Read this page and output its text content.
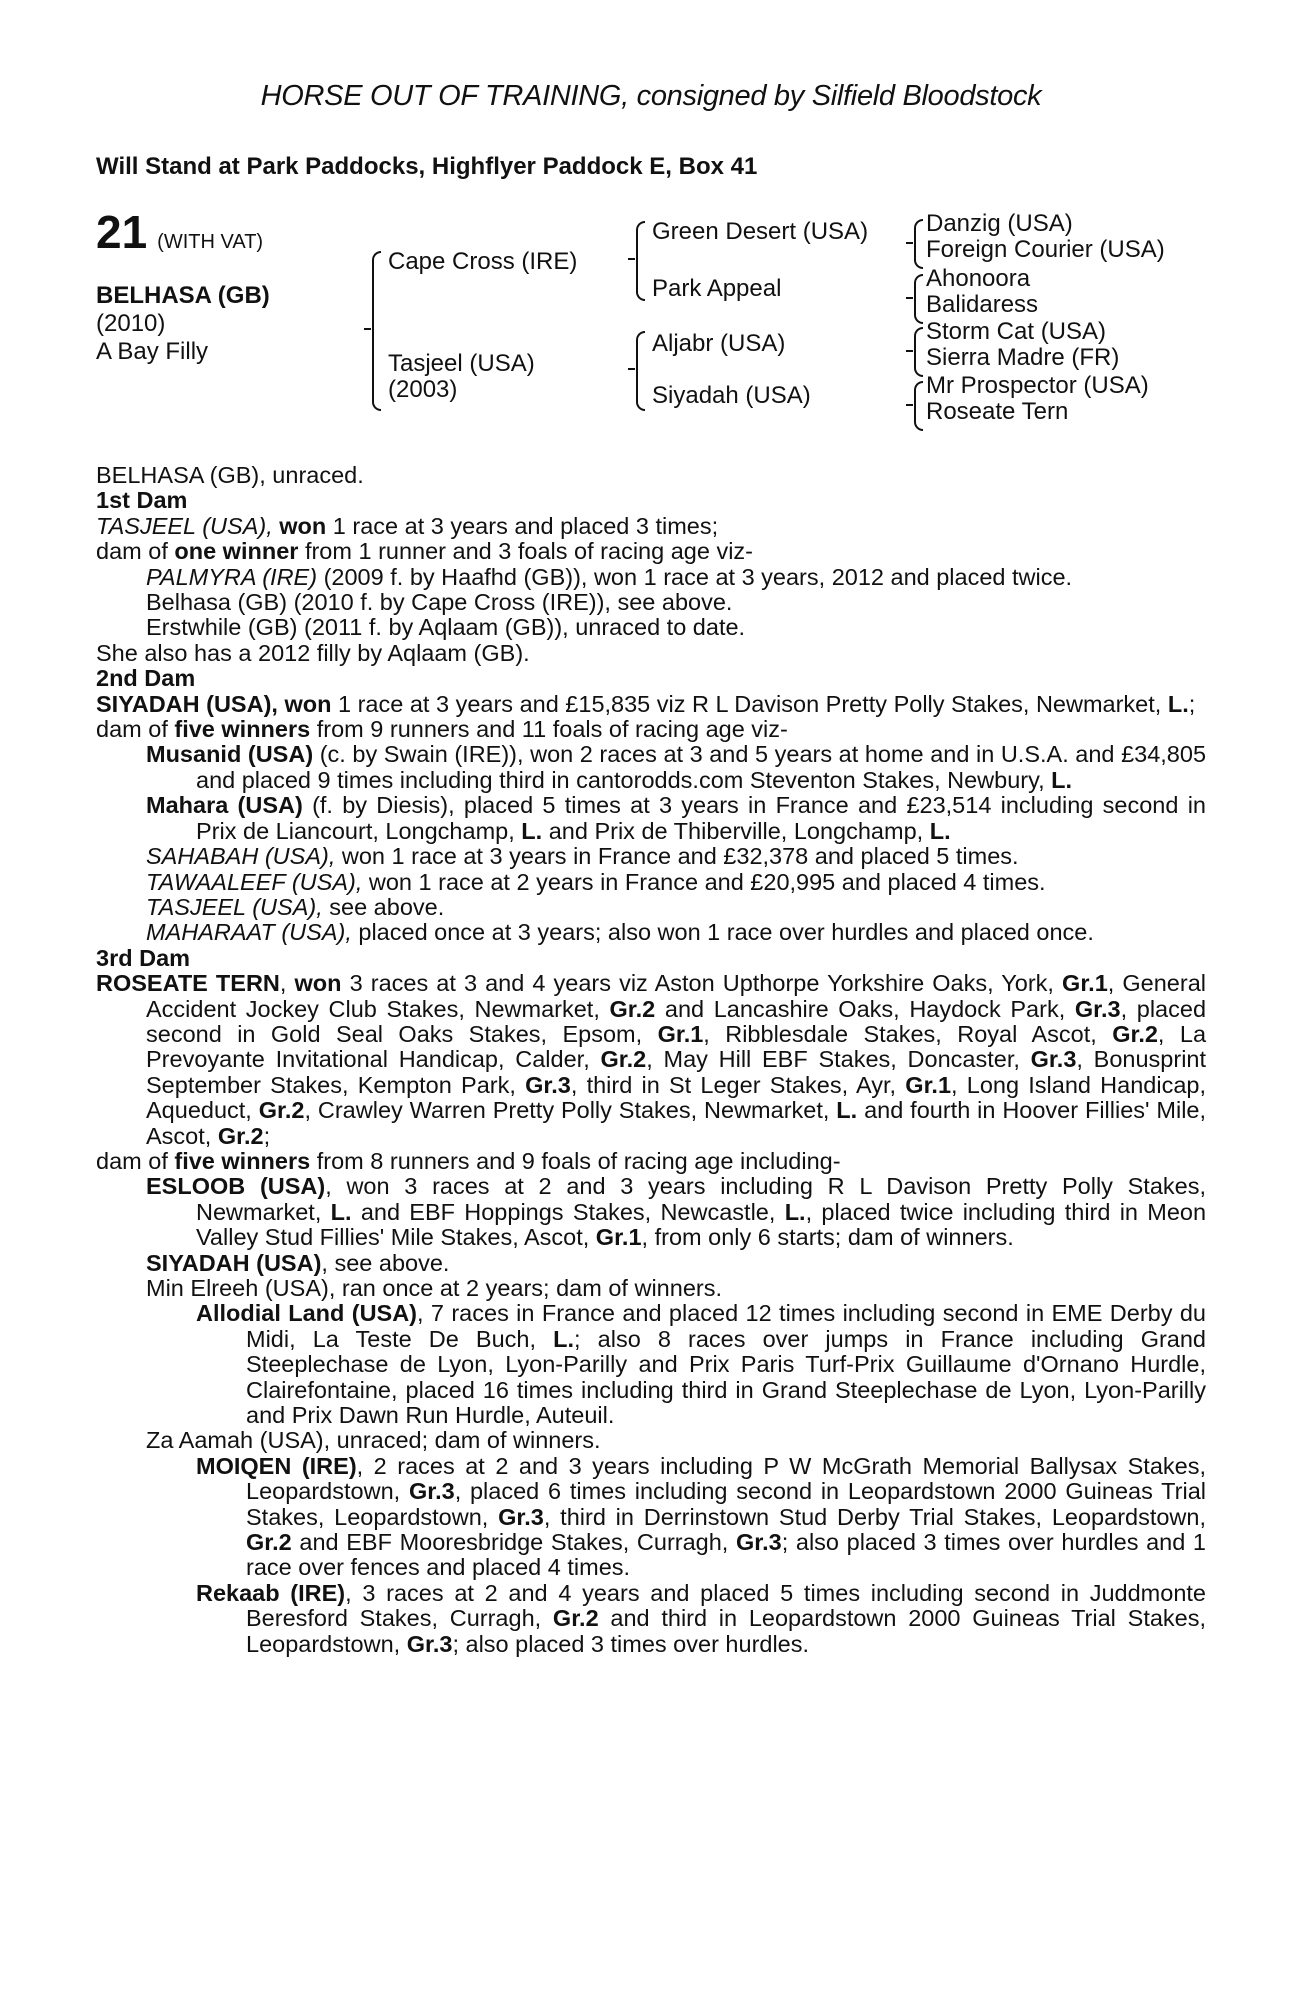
HORSE OUT OF TRAINING, consigned by Silfield Bloodstock

Will Stand at Park Paddocks, Highflyer Paddock E, Box 41

21 (WITH VAT)
BELHASA (GB)
(2010)
A Bay Filly
Cape Cross (IRE)
Tasjeel (USA)
(2003)
Green Desert (USA)
Park Appeal
Aljabr (USA)
Siyadah (USA)
Danzig (USA)
Foreign Courier (USA)
Ahonoora
Balidaress
Storm Cat (USA)
Sierra Madre (FR)
Mr Prospector (USA)
Roseate Tern

BELHASA (GB), unraced.

1st Dam

TASJEEL (USA), won 1 race at 3 years and placed 3 times;

dam of one winner from 1 runner and 3 foals of racing age viz-

PALMYRA (IRE) (2009 f. by Haafhd (GB)), won 1 race at 3 years, 2012 and placed twice.

Belhasa (GB) (2010 f. by Cape Cross (IRE)), see above.

Erstwhile (GB) (2011 f. by Aqlaam (GB)), unraced to date.

She also has a 2012 filly by Aqlaam (GB).

2nd Dam

SIYADAH (USA), won 1 race at 3 years and £15,835 viz R L Davison Pretty Polly Stakes, Newmarket, L.;

dam of five winners from 9 runners and 11 foals of racing age viz-

Musanid (USA) (c. by Swain (IRE)), won 2 races at 3 and 5 years at home and in U.S.A. and £34,805 and placed 9 times including third in cantorodds.com Steventon Stakes, Newbury, L.

Mahara (USA) (f. by Diesis), placed 5 times at 3 years in France and £23,514 including second in Prix de Liancourt, Longchamp, L. and Prix de Thiberville, Longchamp, L.

SAHABAH (USA), won 1 race at 3 years in France and £32,378 and placed 5 times.

TAWAALEEF (USA), won 1 race at 2 years in France and £20,995 and placed 4 times.

TASJEEL (USA), see above.

MAHARAAT (USA), placed once at 3 years; also won 1 race over hurdles and placed once.

3rd Dam

ROSEATE TERN, won 3 races at 3 and 4 years viz Aston Upthorpe Yorkshire Oaks, York, Gr.1, General Accident Jockey Club Stakes, Newmarket, Gr.2 and Lancashire Oaks, Haydock Park, Gr.3, placed second in Gold Seal Oaks Stakes, Epsom, Gr.1, Ribblesdale Stakes, Royal Ascot, Gr.2, La Prevoyante Invitational Handicap, Calder, Gr.2, May Hill EBF Stakes, Doncaster, Gr.3, Bonusprint September Stakes, Kempton Park, Gr.3, third in St Leger Stakes, Ayr, Gr.1, Long Island Handicap, Aqueduct, Gr.2, Crawley Warren Pretty Polly Stakes, Newmarket, L. and fourth in Hoover Fillies' Mile, Ascot, Gr.2;

dam of five winners from 8 runners and 9 foals of racing age including-

ESLOOB (USA), won 3 races at 2 and 3 years including R L Davison Pretty Polly Stakes, Newmarket, L. and EBF Hoppings Stakes, Newcastle, L., placed twice including third in Meon Valley Stud Fillies' Mile Stakes, Ascot, Gr.1, from only 6 starts; dam of winners.

SIYADAH (USA), see above.

Min Elreeh (USA), ran once at 2 years; dam of winners.

Allodial Land (USA), 7 races in France and placed 12 times including second in EME Derby du Midi, La Teste De Buch, L.; also 8 races over jumps in France including Grand Steeplechase de Lyon, Lyon-Parilly and Prix Paris Turf-Prix Guillaume d'Ornano Hurdle, Clairefontaine, placed 16 times including third in Grand Steeplechase de Lyon, Lyon-Parilly and Prix Dawn Run Hurdle, Auteuil.

Za Aamah (USA), unraced; dam of winners.

MOIQEN (IRE), 2 races at 2 and 3 years including P W McGrath Memorial Ballysax Stakes, Leopardstown, Gr.3, placed 6 times including second in Leopardstown 2000 Guineas Trial Stakes, Leopardstown, Gr.3, third in Derrinstown Stud Derby Trial Stakes, Leopardstown, Gr.2 and EBF Mooresbridge Stakes, Curragh, Gr.3; also placed 3 times over hurdles and 1 race over fences and placed 4 times.

Rekaab (IRE), 3 races at 2 and 4 years and placed 5 times including second in Juddmonte Beresford Stakes, Curragh, Gr.2 and third in Leopardstown 2000 Guineas Trial Stakes, Leopardstown, Gr.3; also placed 3 times over hurdles.
